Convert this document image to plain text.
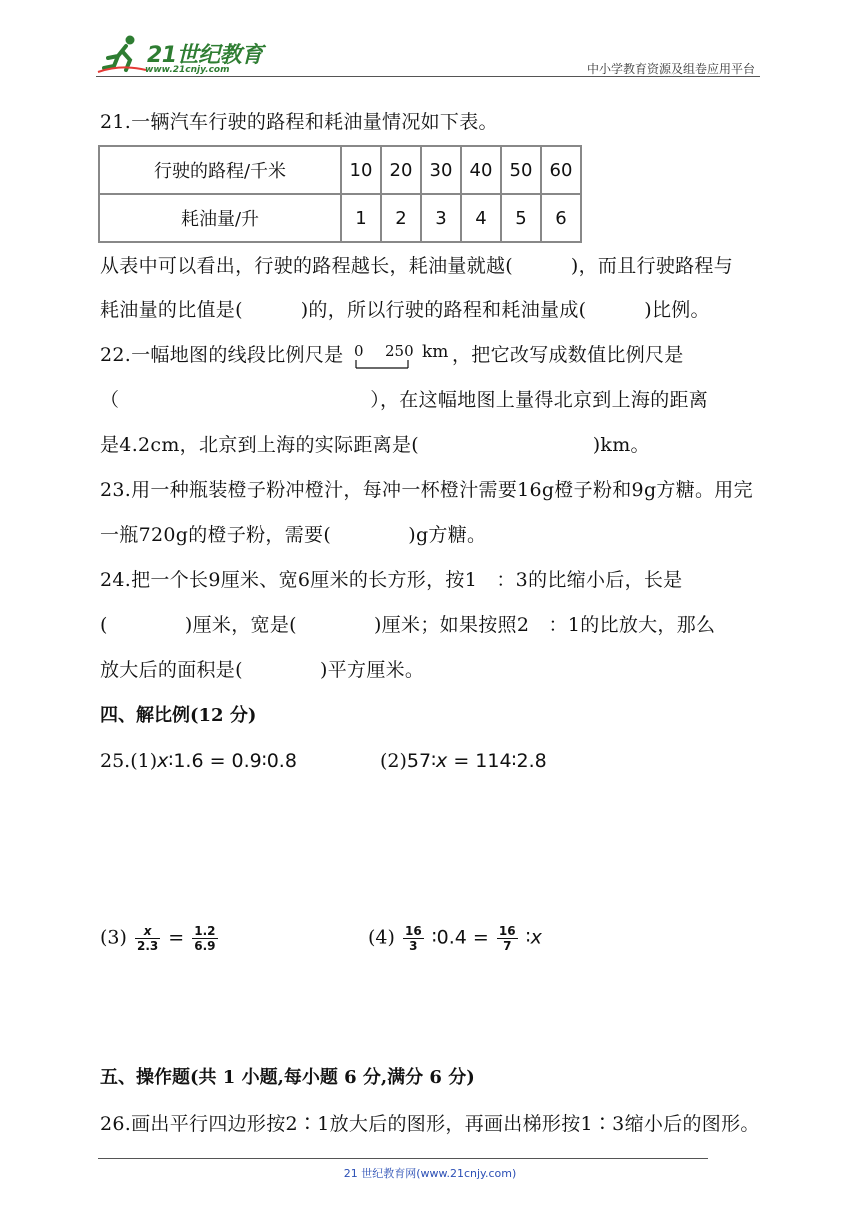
21世纪教育
www.21cnjy.com	中小学教育资源及组卷应用平台
21.一辆汽车行驶的路程和耗油量情况如下表。
行驶的路程/千米	10	20	30	40	50	60
耗油量/升	1	2	3	4	5	6
从表中可以看出，行驶的路程越长，耗油量就越(　　　)，而且行驶路程与
耗油量的比值是(　　　)的，所以行驶的路程和耗油量成(　　　)比例。
22.一幅地图的线段比例尺是 0 250 km ，把它改写成数值比例尺是
（　　　　　　　　　　　　　），在这幅地图上量得北京到上海的距离
是4.2cm，北京到上海的实际距离是(　　　　　　　　　)km。
23.用一种瓶装橙子粉冲橙汁，每冲一杯橙汁需要16g橙子粉和9g方糖。用完
一瓶720g的橙子粉，需要(　　　　)g方糖。
24.把一个长9厘米、宽6厘米的长方形，按1　：3的比缩小后，长是
(　　　　)厘米，宽是(　　　　)厘米；如果按照2　：1的比放大，那么
放大后的面积是(　　　　)平方厘米。
四、解比例(12 分)
25.(1)x∶1.6 = 0.9∶0.8	(2)57∶x = 114∶2.8
$(3) \frac{x}{2.3} = \frac{1.2}{6.9}$	$(4) \frac{16}{3}$ ∶0.4 = $\frac{16}{7}$ ∶x
五、操作题(共 1 小题,每小题 6 分,满分 6 分)
26.画出平行四边形按2∶1放大后的图形，再画出梯形按1∶3缩小后的图形。
21 世纪教育网(www.21cnjy.com)
